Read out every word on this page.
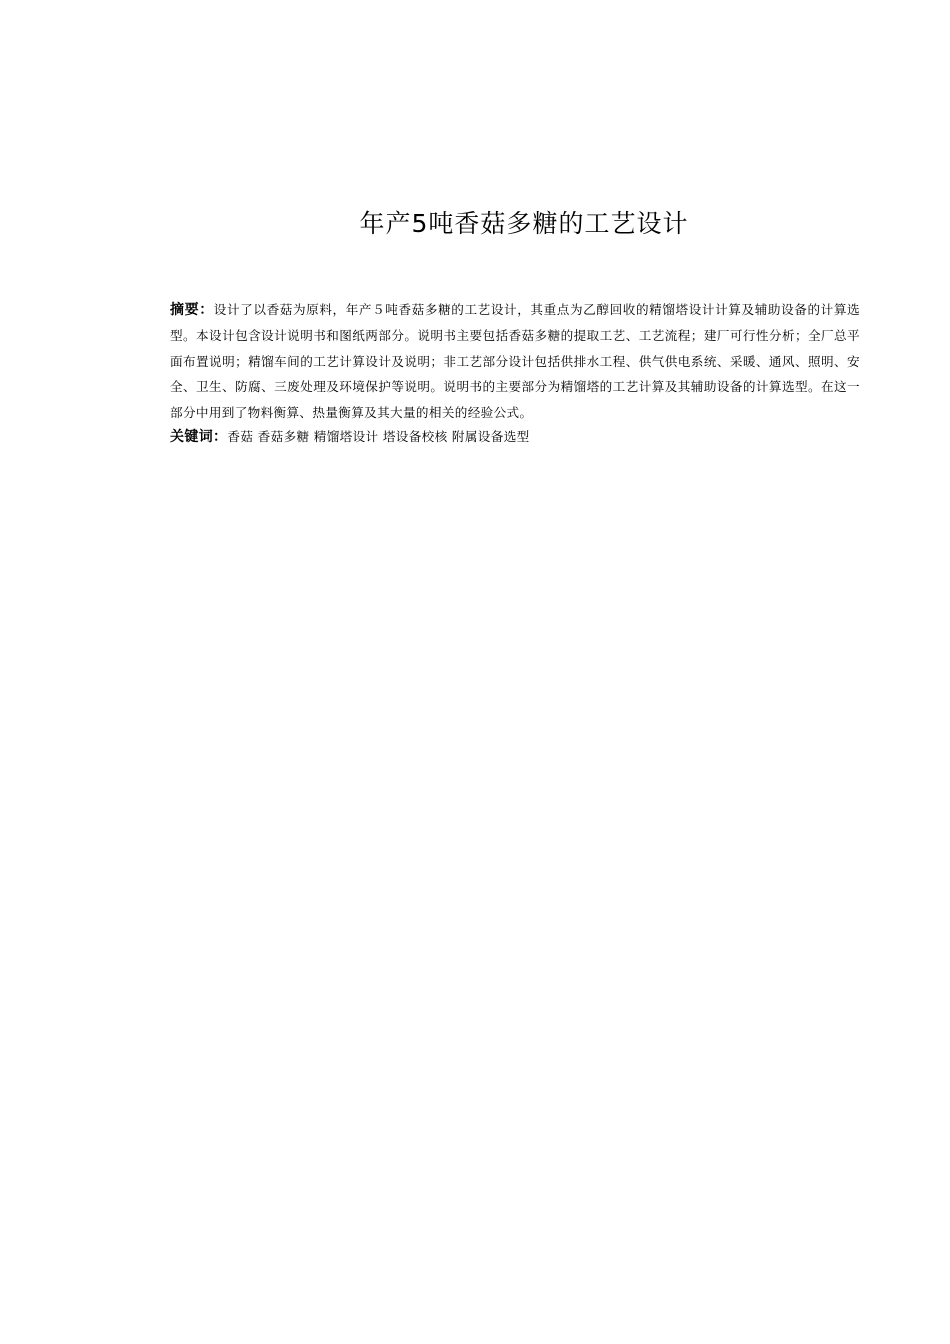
年产5吨香菇多糖的工艺设计
摘要：设计了以香菇为原料，年产５吨香菇多糖的工艺设计，其重点为乙醇回收的精馏塔设计计算及辅助设备的计算选型。本设计包含设计说明书和图纸两部分。说明书主要包括香菇多糖的提取工艺、工艺流程；建厂可行性分析；全厂总平面布置说明；精馏车间的工艺计算设计及说明；非工艺部分设计包括供排水工程、供气供电系统、采暖、通风、照明、安全、卫生、防腐、三废处理及环境保护等说明。说明书的主要部分为精馏塔的工艺计算及其辅助设备的计算选型。在这一部分中用到了物料衡算、热量衡算及其大量的相关的经验公式。
关键词：香菇 香菇多糖 精馏塔设计 塔设备校核 附属设备选型
